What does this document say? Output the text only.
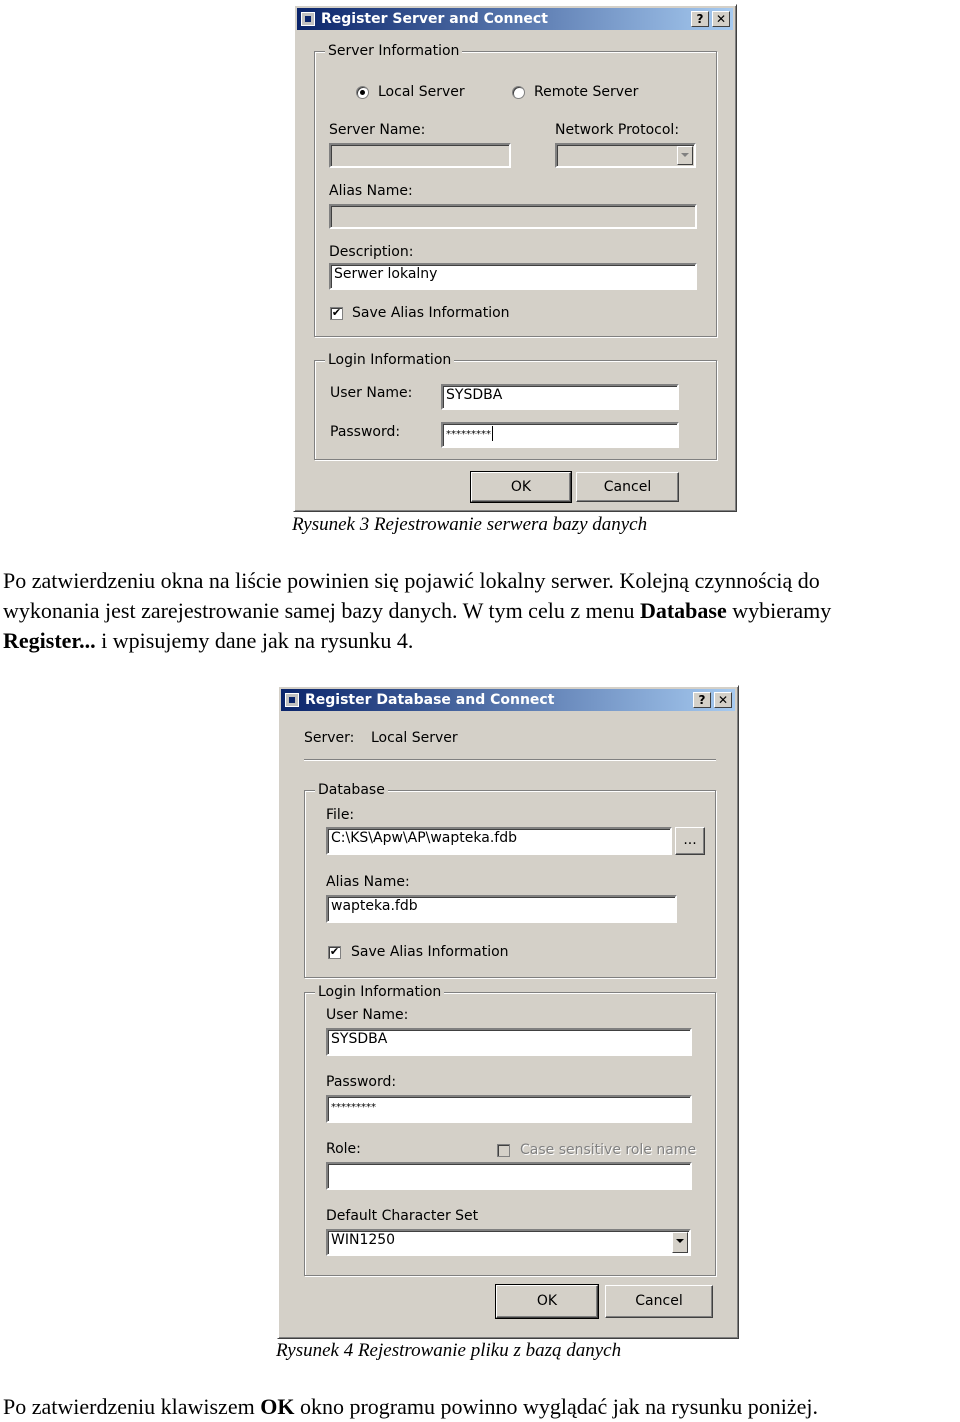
Register Server and Connect	?	✕
Server Information
Local Server	Remote Server
Server Name:	Network Protocol:
Alias Name:
Description:
Serwer lokalny
✔ Save Alias Information
Login Information
User Name:	SYSDBA
Password:	*********
OK	Cancel
Rysunek 3 Rejestrowanie serwera bazy danych
Po zatwierdzeniu okna na liście powinien się pojawić lokalny serwer. Kolejną czynnością do
wykonania jest zarejestrowanie samej bazy danych. W tym celu z menu Database wybieramy
Register... i wpisujemy dane jak na rysunku 4.
Register Database and Connect	?	✕
Server: Local Server
Database
File:
C:\KS\Apw\AP\wapteka.fdb	...
Alias Name:
wapteka.fdb
✔ Save Alias Information
Login Information
User Name:
SYSDBA
Password:
*********
Role:	Case sensitive role name
Default Character Set
WIN1250
OK	Cancel
Rysunek 4 Rejestrowanie pliku z bazą danych
Po zatwierdzeniu klawiszem OK okno programu powinno wyglądać jak na rysunku poniżej.
